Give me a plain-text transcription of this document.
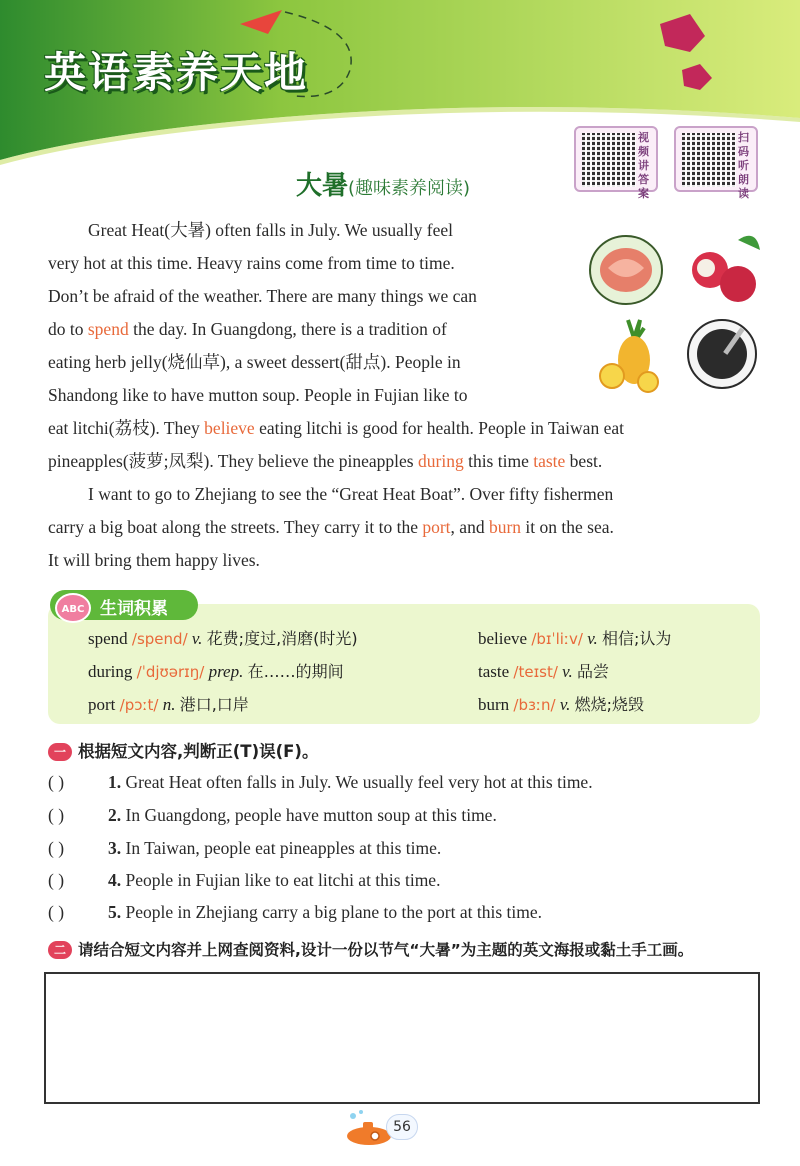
英语素养天地
视频讲答案
扫码听朗读
大暑(趣味素养阅读)
Great Heat(大暑) often falls in July. We usually feel
very hot at this time. Heavy rains come from time to time.
Don’t be afraid of the weather. There are many things we can
do to spend the day. In Guangdong, there is a tradition of
eating herb jelly(烧仙草), a sweet dessert(甜点). People in
Shandong like to have mutton soup. People in Fujian like to
eat litchi(荔枝). They believe eating litchi is good for health. People in Taiwan eat
pineapples(菠萝;凤梨). They believe the pineapples during this time taste best.
I want to go to Zhejiang to see the “Great Heat Boat”. Over fifty fishermen
carry a big boat along the streets. They carry it to the port, and burn it on the sea.
It will bring them happy lives.
ABC 生词积累
spend /spend/ v. 花费;度过,消磨(时光)	believe /bɪˈliːv/ v. 相信;认为
during /ˈdjʊərɪŋ/ prep. 在……的期间	taste /teɪst/ v. 品尝
port /pɔːt/ n. 港口,口岸	burn /bɜːn/ v. 燃烧;烧毁
一 根据短文内容,判断正(T)误(F)。
( )	1. Great Heat often falls in July. We usually feel very hot at this time.
( )	2. In Guangdong, people have mutton soup at this time.
( )	3. In Taiwan, people eat pineapples at this time.
( )	4. People in Fujian like to eat litchi at this time.
( )	5. People in Zhejiang carry a big plane to the port at this time.
二 请结合短文内容并上网查阅资料,设计一份以节气“大暑”为主题的英文海报或黏土手工画。
56
